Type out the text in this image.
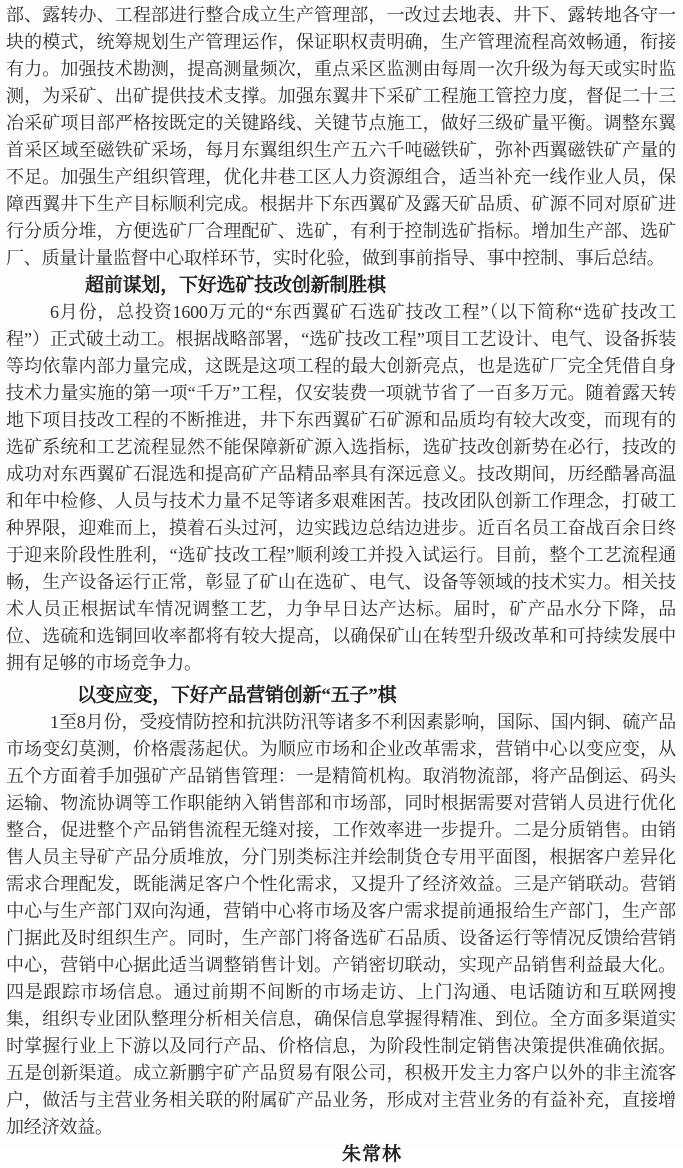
部、露转办、工程部进行整合成立生产管理部，一改过去地表、井下、露转地各守一块的模式，统筹规划生产管理运作，保证职权责明确，生产管理流程高效畅通，衔接有力。加强技术勘测，提高测量频次，重点采区监测由每周一次升级为每天或实时监测，为采矿、出矿提供技术支撑。加强东翼井下采矿工程施工管控力度，督促二十三冶采矿项目部严格按既定的关键路线、关键节点施工，做好三级矿量平衡。调整东翼首采区域至磁铁矿采场，每月东翼组织生产五六千吨磁铁矿，弥补西翼磁铁矿产量的不足。加强生产组织管理，优化井巷工区人力资源组合，适当补充一线作业人员，保障西翼井下生产目标顺利完成。根据井下东西翼矿及露天矿品质、矿源不同对原矿进行分质分堆，方便选矿厂合理配矿、选矿，有利于控制选矿指标。增加生产部、选矿厂、质量计量监督中心取样环节，实时化验，做到事前指导、事中控制、事后总结。

超前谋划，下好选矿技改创新制胜棋

6月份，总投资1600万元的“东西翼矿石选矿技改工程”（以下简称“选矿技改工程”）正式破土动工。根据战略部署，“选矿技改工程”项目工艺设计、电气、设备拆装等均依靠内部力量完成，这既是这项工程的最大创新亮点，也是选矿厂完全凭借自身技术力量实施的第一项“千万”工程，仅安装费一项就节省了一百多万元。随着露天转地下项目技改工程的不断推进，井下东西翼矿石矿源和品质均有较大改变，而现有的选矿系统和工艺流程显然不能保障新矿源入选指标，选矿技改创新势在必行，技改的成功对东西翼矿石混选和提高矿产品精品率具有深远意义。技改期间，历经酷暑高温和年中检修、人员与技术力量不足等诸多艰难困苦。技改团队创新工作理念，打破工种界限，迎难而上，摸着石头过河，边实践边总结边进步。近百名员工奋战百余日终于迎来阶段性胜利，“选矿技改工程”顺利竣工并投入试运行。目前，整个工艺流程通畅，生产设备运行正常，彰显了矿山在选矿、电气、设备等领域的技术实力。相关技术人员正根据试车情况调整工艺，力争早日达产达标。届时，矿产品水分下降，品位、选硫和选铜回收率都将有较大提高，以确保矿山在转型升级改革和可持续发展中拥有足够的市场竞争力。

以变应变，下好产品营销创新“五子”棋

1至8月份，受疫情防控和抗洪防汛等诸多不利因素影响，国际、国内铜、硫产品市场变幻莫测，价格震荡起伏。为顺应市场和企业改革需求，营销中心以变应变，从五个方面着手加强矿产品销售管理：一是精简机构。取消物流部，将产品倒运、码头运输、物流协调等工作职能纳入销售部和市场部，同时根据需要对营销人员进行优化整合，促进整个产品销售流程无缝对接，工作效率进一步提升。二是分质销售。由销售人员主导矿产品分质堆放，分门别类标注并绘制货仓专用平面图，根据客户差异化需求合理配发，既能满足客户个性化需求，又提升了经济效益。三是产销联动。营销中心与生产部门双向沟通，营销中心将市场及客户需求提前通报给生产部门，生产部门据此及时组织生产。同时，生产部门将备选矿石品质、设备运行等情况反馈给营销中心，营销中心据此适当调整销售计划。产销密切联动，实现产品销售利益最大化。四是跟踪市场信息。通过前期不间断的市场走访、上门沟通、电话随访和互联网搜集，组织专业团队整理分析相关信息，确保信息掌握得精准、到位。全方面多渠道实时掌握行业上下游以及同行产品、价格信息，为阶段性制定销售决策提供准确依据。五是创新渠道。成立新鹏宇矿产品贸易有限公司，积极开发主力客户以外的非主流客户，做活与主营业务相关联的附属矿产品业务，形成对主营业务的有益补充，直接增加经济效益。

朱常林
